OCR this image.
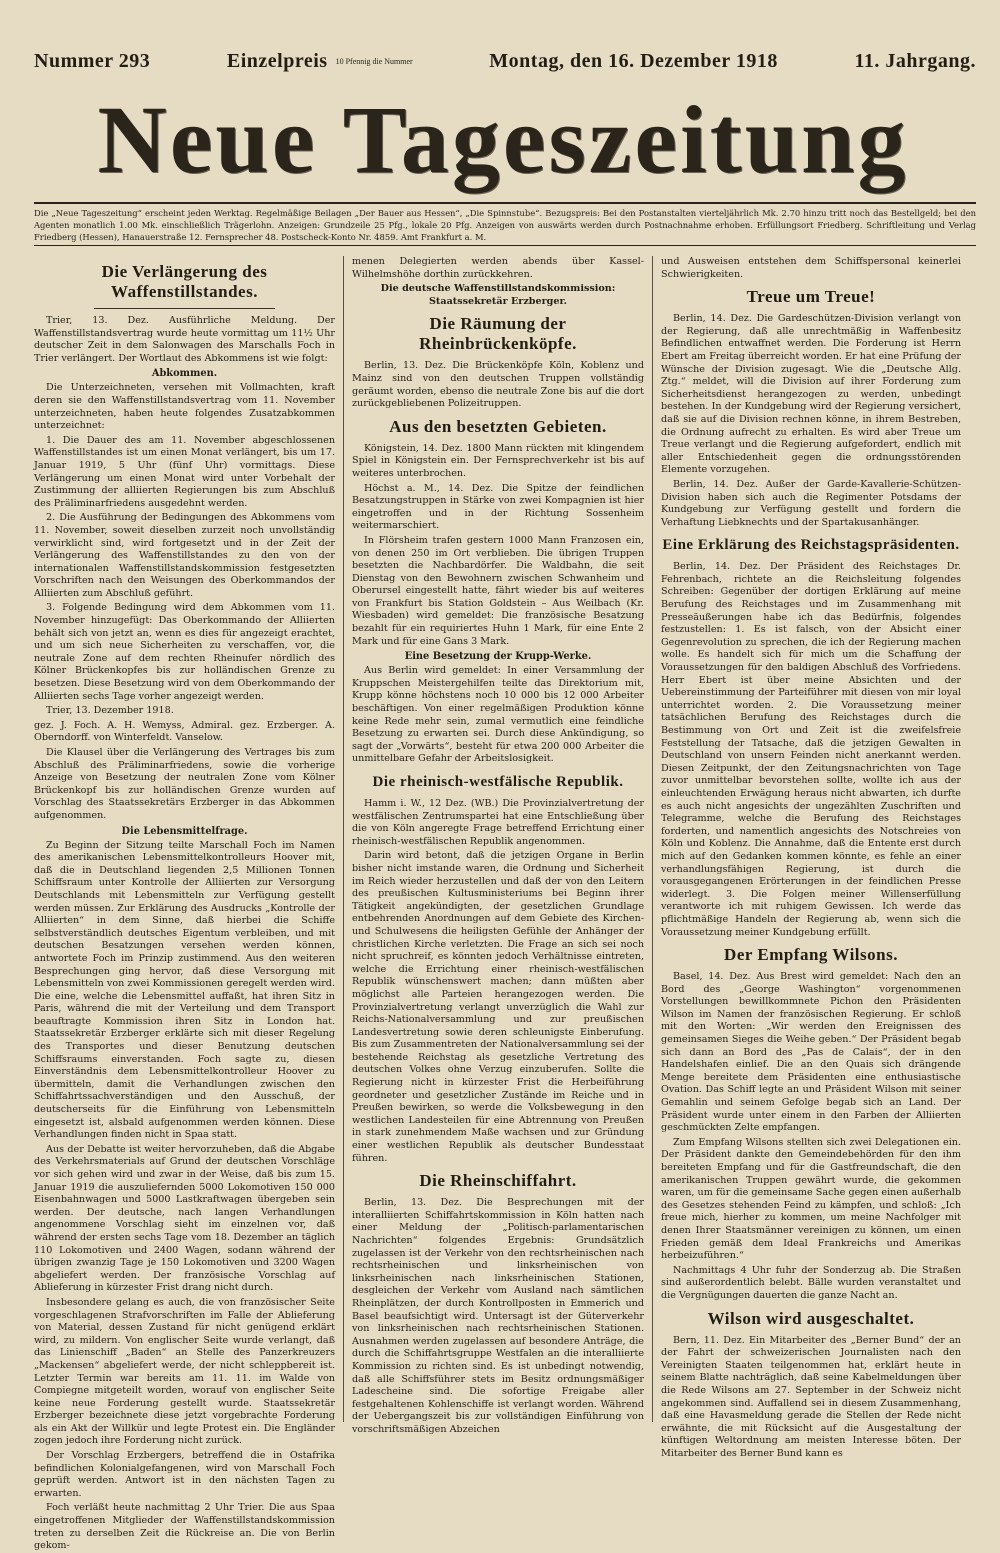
Nummer 293	Einzelpreis 10 Pfennig die Nummer	Montag, den 16. Dezember 1918	11. Jahrgang.
Neue Tageszeitung
Die „Neue Tageszeitung“ erscheint jeden Werktag. Regelmäßige Beilagen „Der Bauer aus Hessen“, „Die Spinnstube“. Bezugspreis: Bei den Postanstalten vierteljährlich Mk. 2.70 hinzu tritt noch das Bestellgeld; bei den Agenten monatlich 1.00 Mk. einschließlich Trägerlohn. Anzeigen: Grundzeile 25 Pfg., lokale 20 Pfg. Anzeigen von auswärts werden durch Postnachnahme erhoben. Erfüllungsort Friedberg. Schriftleitung und Verlag Friedberg (Hessen), Hanauerstraße 12. Fernsprecher 48. Postscheck-Konto Nr. 4859. Amt Frankfurt a. M.
Die Verlängerung des Waffenstillstandes.

Trier, 13. Dez. Ausführliche Meldung. Der Waffenstillstandsvertrag wurde heute vormittag um 11½ Uhr deutscher Zeit in dem Salonwagen des Marschalls Foch in Trier verlängert. Der Wortlaut des Abkommens ist wie folgt:

Abkommen.

Die Unterzeichneten, versehen mit Vollmachten, kraft deren sie den Waffenstillstandsvertrag vom 11. November unterzeichneten, haben heute folgendes Zusatzabkommen unterzeichnet:

1. Die Dauer des am 11. November abgeschlossenen Waffenstillstandes ist um einen Monat verlängert, bis um 17. Januar 1919, 5 Uhr (fünf Uhr) vormittags. Diese Verlängerung um einen Monat wird unter Vorbehalt der Zustimmung der alliierten Regierungen bis zum Abschluß des Präliminarfriedens ausgedehnt werden.

2. Die Ausführung der Bedingungen des Abkommens vom 11. November, soweit dieselben zurzeit noch unvollständig verwirklicht sind, wird fortgesetzt und in der Zeit der Verlängerung des Waffenstillstandes zu den von der internationalen Waffenstillstandskommission festgesetzten Vorschriften nach den Weisungen des Oberkommandos der Alliierten zum Abschluß geführt.

3. Folgende Bedingung wird dem Abkommen vom 11. November hinzugefügt: Das Oberkommando der Alliierten behält sich von jetzt an, wenn es dies für angezeigt erachtet, und um sich neue Sicherheiten zu verschaffen, vor, die neutrale Zone auf dem rechten Rheinufer nördlich des Kölner Brückenkopfes bis zur holländischen Grenze zu besetzen. Diese Besetzung wird von dem Oberkommando der Alliierten sechs Tage vorher angezeigt werden.

Trier, 13. Dezember 1918.

gez. J. Foch. A. H. Wemyss, Admiral. gez. Erzberger. A. Oberndorff. von Winterfeldt. Vanselow.

Die Klausel über die Verlängerung des Vertrages bis zum Abschluß des Präliminarfriedens, sowie die vorherige Anzeige von Besetzung der neutralen Zone vom Kölner Brückenkopf bis zur holländischen Grenze wurden auf Vorschlag des Staatssekretärs Erzberger in das Abkommen aufgenommen.

Die Lebensmittelfrage.

Zu Beginn der Sitzung teilte Marschall Foch im Namen des amerikanischen Lebensmittelkontrolleurs Hoover mit, daß die in Deutschland liegenden 2,5 Millionen Tonnen Schiffsraum unter Kontrolle der Alliierten zur Versorgung Deutschlands mit Lebensmitteln zur Verfügung gestellt werden müssen. Zur Erklärung des Ausdrucks „Kontrolle der Alliierten“ in dem Sinne, daß hierbei die Schiffe selbstverständlich deutsches Eigentum verbleiben, und mit deutschen Besatzungen versehen werden können, antwortete Foch im Prinzip zustimmend. Aus den weiteren Besprechungen ging hervor, daß diese Versorgung mit Lebensmitteln von zwei Kommissionen geregelt werden wird. Die eine, welche die Lebensmittel auffaßt, hat ihren Sitz in Paris, während die mit der Verteilung und dem Transport beauftragte Kommission ihren Sitz in London hat. Staatssekretär Erzberger erklärte sich mit dieser Regelung des Transportes und dieser Benutzung deutschen Schiffsraums einverstanden. Foch sagte zu, diesen Einverständnis dem Lebensmittelkontrolleur Hoover zu übermitteln, damit die Verhandlungen zwischen den Schiffahrtssachverständigen und den Ausschuß, der deutscherseits für die Einführung von Lebensmitteln eingesetzt ist, alsbald aufgenommen werden können. Diese Verhandlungen finden nicht in Spaa statt.

Aus der Debatte ist weiter hervorzuheben, daß die Abgabe des Verkehrsmaterials auf Grund der deutschen Vorschläge vor sich gehen wird und zwar in der Weise, daß bis zum 15. Januar 1919 die auszuliefernden 5000 Lokomotiven 150 000 Eisenbahnwagen und 5000 Lastkraftwagen übergeben sein werden. Der deutsche, nach langen Verhandlungen angenommene Vorschlag sieht im einzelnen vor, daß während der ersten sechs Tage vom 18. Dezember an täglich 110 Lokomotiven und 2400 Wagen, sodann während der übrigen zwanzig Tage je 150 Lokomotiven und 3200 Wagen abgeliefert werden. Der französische Vorschlag auf Ablieferung in kürzester Frist drang nicht durch.

Insbesondere gelang es auch, die von französischer Seite vorgeschlagenen Strafvorschriften im Falle der Ablieferung von Material, dessen Zustand für nicht genügend erklärt wird, zu mildern. Von englischer Seite wurde verlangt, daß das Linienschiff „Baden“ an Stelle des Panzerkreuzers „Mackensen“ abgeliefert werde, der nicht schleppbereit ist. Letzter Termin war bereits am 11. 11. im Walde von Compiegne mitgeteilt worden, worauf von englischer Seite keine neue Forderung gestellt wurde. Staatssekretär Erzberger bezeichnete diese jetzt vorgebrachte Forderung als ein Akt der Willkür und legte Protest ein. Die Engländer zogen jedoch ihre Forderung nicht zurück.

Der Vorschlag Erzbergers, betreffend die in Ostafrika befindlichen Kolonialgefangenen, wird von Marschall Foch geprüft werden. Antwort ist in den nächsten Tagen zu erwarten.

Foch verläßt heute nachmittag 2 Uhr Trier. Die aus Spaa eingetroffenen Mitglieder der Waffenstillstandskommission treten zu derselben Zeit die Rückreise an. Die von Berlin gekom-

menen Delegierten werden abends über Kassel-Wilhelmshöhe dorthin zurückkehren.

Die deutsche Waffenstillstandskommission: Staatssekretär Erzberger.

Die Räumung der Rheinbrückenköpfe.

Berlin, 13. Dez. Die Brückenköpfe Köln, Koblenz und Mainz sind von den deutschen Truppen vollständig geräumt worden, ebenso die neutrale Zone bis auf die dort zurückgebliebenen Polizeitruppen.

Aus den besetzten Gebieten.

Königstein, 14. Dez. 1800 Mann rückten mit klingendem Spiel in Königstein ein. Der Fernsprechverkehr ist bis auf weiteres unterbrochen.

Höchst a. M., 14. Dez. Die Spitze der feindlichen Besatzungstruppen in Stärke von zwei Kompagnien ist hier eingetroffen und in der Richtung Sossenheim weitermarschiert.

In Flörsheim trafen gestern 1000 Mann Franzosen ein, von denen 250 im Ort verblieben. Die übrigen Truppen besetzten die Nachbardörfer. Die Waldbahn, die seit Dienstag von den Bewohnern zwischen Schwanheim und Oberursel eingestellt hatte, fährt wieder bis auf weiteres von Frankfurt bis Station Goldstein – Aus Weilbach (Kr. Wiesbaden) wird gemeldet: Die französische Besatzung bezahlt für ein requiriertes Huhn 1 Mark, für eine Ente 2 Mark und für eine Gans 3 Mark.

Eine Besetzung der Krupp-Werke.

Aus Berlin wird gemeldet: In einer Versammlung der Kruppschen Meistergehilfen teilte das Direktorium mit, Krupp könne höchstens noch 10 000 bis 12 000 Arbeiter beschäftigen. Von einer regelmäßigen Produktion könne keine Rede mehr sein, zumal vermutlich eine feindliche Besetzung zu erwarten sei. Durch diese Ankündigung, so sagt der „Vorwärts“, besteht für etwa 200 000 Arbeiter die unmittelbare Gefahr der Arbeitslosigkeit.

Die rheinisch-westfälische Republik.

Hamm i. W., 12 Dez. (WB.) Die Provinzialvertretung der westfälischen Zentrumspartei hat eine Entschließung über die von Köln angeregte Frage betreffend Errichtung einer rheinisch-westfälischen Republik angenommen.

Darin wird betont, daß die jetzigen Organe in Berlin bisher nicht imstande waren, die Ordnung und Sicherheit im Reich wieder herzustellen und daß der von den Leitern des preußischen Kultusministeriums bei Beginn ihrer Tätigkeit angekündigten, der gesetzlichen Grundlage entbehrenden Anordnungen auf dem Gebiete des Kirchen- und Schulwesens die heiligsten Gefühle der Anhänger der christlichen Kirche verletzten. Die Frage an sich sei noch nicht spruchreif, es könnten jedoch Verhältnisse eintreten, welche die Errichtung einer rheinisch-westfälischen Republik wünschenswert machen; dann müßten aber möglichst alle Parteien herangezogen werden. Die Provinzialvertretung verlangt unverzüglich die Wahl zur Reichs-Nationalversammlung und zur preußischen Landesvertretung sowie deren schleunigste Einberufung. Bis zum Zusammentreten der Nationalversammlung sei der bestehende Reichstag als gesetzliche Vertretung des deutschen Volkes ohne Verzug einzuberufen. Sollte die Regierung nicht in kürzester Frist die Herbeiführung geordneter und gesetzlicher Zustände im Reiche und in Preußen bewirken, so werde die Volksbewegung in den westlichen Landesteilen für eine Abtrennung von Preußen in stark zunehmendem Maße wachsen und zur Gründung einer westlichen Republik als deutscher Bundesstaat führen.

Die Rheinschiffahrt.

Berlin, 13. Dez. Die Besprechungen mit der interalliierten Schiffahrtskommission in Köln hatten nach einer Meldung der „Politisch-parlamentarischen Nachrichten“ folgendes Ergebnis: Grundsätzlich zugelassen ist der Verkehr von den rechtsrheinischen nach rechtsrheinischen und linksrheinischen von linksrheinischen nach linksrheinischen Stationen, desgleichen der Verkehr vom Ausland nach sämtlichen Rheinplätzen, der durch Kontrollposten in Emmerich und Basel beaufsichtigt wird. Untersagt ist der Güterverkehr von linksrheinischen nach rechtsrheinischen Stationen. Ausnahmen werden zugelassen auf besondere Anträge, die durch die Schiffahrtsgruppe Westfalen an die interalliierte Kommission zu richten sind. Es ist unbedingt notwendig, daß alle Schiffsführer stets im Besitz ordnungsmäßiger Ladescheine sind. Die sofortige Freigabe aller festgehaltenen Kohlenschiffe ist verlangt worden. Während der Uebergangszeit bis zur vollständigen Einführung von vorschriftsmäßigen Abzeichen

und Ausweisen entstehen dem Schiffspersonal keinerlei Schwierigkeiten.

Treue um Treue!

Berlin, 14. Dez. Die Gardeschützen-Division verlangt von der Regierung, daß alle unrechtmäßig in Waffenbesitz Befindlichen entwaffnet werden. Die Forderung ist Herrn Ebert am Freitag überreicht worden. Er hat eine Prüfung der Wünsche der Division zugesagt. Wie die „Deutsche Allg. Ztg.“ meldet, will die Division auf ihrer Forderung zum Sicherheitsdienst herangezogen zu werden, unbedingt bestehen. In der Kundgebung wird der Regierung versichert, daß sie auf die Division rechnen könne, in ihrem Bestreben, die Ordnung aufrecht zu erhalten. Es wird aber Treue um Treue verlangt und die Regierung aufgefordert, endlich mit aller Entschiedenheit gegen die ordnungsstörenden Elemente vorzugehen.

Berlin, 14. Dez. Außer der Garde-Kavallerie-Schützen-Division haben sich auch die Regimenter Potsdams der Kundgebung zur Verfügung gestellt und fordern die Verhaftung Liebknechts und der Spartakusanhänger.

Eine Erklärung des Reichstagspräsidenten.

Berlin, 14. Dez. Der Präsident des Reichstages Dr. Fehrenbach, richtete an die Reichsleitung folgendes Schreiben: Gegenüber der dortigen Erklärung auf meine Berufung des Reichstages und im Zusammenhang mit Presseäußerungen habe ich das Bedürfnis, folgendes festzustellen: 1. Es ist falsch, von der Absicht einer Gegenrevolution zu sprechen, die ich der Regierung machen wolle. Es handelt sich für mich um die Schaffung der Voraussetzungen für den baldigen Abschluß des Vorfriedens. Herr Ebert ist über meine Absichten und der Uebereinstimmung der Parteiführer mit diesen von mir loyal unterrichtet worden. 2. Die Voraussetzung meiner tatsächlichen Berufung des Reichstages durch die Bestimmung von Ort und Zeit ist die zweifelsfreie Feststellung der Tatsache, daß die jetzigen Gewalten in Deutschland von unsern Feinden nicht anerkannt werden. Diesen Zeitpunkt, der den Zeitungsnachrichten von Tage zuvor unmittelbar bevorstehen sollte, wollte ich aus der einleuchtenden Erwägung heraus nicht abwarten, ich durfte es auch nicht angesichts der ungezählten Zuschriften und Telegramme, welche die Berufung des Reichstages forderten, und namentlich angesichts des Notschreies von Köln und Koblenz. Die Annahme, daß die Entente erst durch mich auf den Gedanken kommen könnte, es fehle an einer verhandlungsfähigen Regierung, ist durch die vorausgegangenen Erörterungen in der feindlichen Presse widerlegt. 3. Die Folgen meiner Willenserfüllung verantworte ich mit ruhigem Gewissen. Ich werde das pflichtmäßige Handeln der Regierung ab, wenn sich die Voraussetzung meiner Kundgebung erfüllt.

Der Empfang Wilsons.

Basel, 14. Dez. Aus Brest wird gemeldet: Nach den an Bord des „George Washington“ vorgenommenen Vorstellungen bewillkommnete Pichon den Präsidenten Wilson im Namen der französischen Regierung. Er schloß mit den Worten: „Wir werden den Ereignissen des gemeinsamen Sieges die Weihe geben.“ Der Präsident begab sich dann an Bord des „Pas de Calais“, der in den Handelshafen einlief. Die an den Quais sich drängende Menge bereitete dem Präsidenten eine enthusiastische Ovation. Das Schiff legte an und Präsident Wilson mit seiner Gemahlin und seinem Gefolge begab sich an Land. Der Präsident wurde unter einem in den Farben der Alliierten geschmückten Zelte empfangen.

Zum Empfang Wilsons stellten sich zwei Delegationen ein. Der Präsident dankte den Gemeindebehörden für den ihm bereiteten Empfang und für die Gastfreundschaft, die den amerikanischen Truppen gewährt wurde, die gekommen waren, um für die gemeinsame Sache gegen einen außerhalb des Gesetzes stehenden Feind zu kämpfen, und schloß: „Ich freue mich, hierher zu kommen, um meine Nachfolger mit denen Ihrer Staatsmänner vereinigen zu können, um einen Frieden gemäß dem Ideal Frankreichs und Amerikas herbeizuführen.“

Nachmittags 4 Uhr fuhr der Sonderzug ab. Die Straßen sind außerordentlich belebt. Bälle wurden veranstaltet und die Vergnügungen dauerten die ganze Nacht an.

Wilson wird ausgeschaltet.

Bern, 11. Dez. Ein Mitarbeiter des „Berner Bund“ der an der Fahrt der schweizerischen Journalisten nach den Vereinigten Staaten teilgenommen hat, erklärt heute in seinem Blatte nachträglich, daß seine Kabelmeldungen über die Rede Wilsons am 27. September in der Schweiz nicht angekommen sind. Auffallend sei in diesem Zusammenhang, daß eine Havasmeldung gerade die Stellen der Rede nicht erwähnte, die mit Rücksicht auf die Ausgestaltung der künftigen Weltordnung am meisten Interesse böten. Der Mitarbeiter des Berner Bund kann es
